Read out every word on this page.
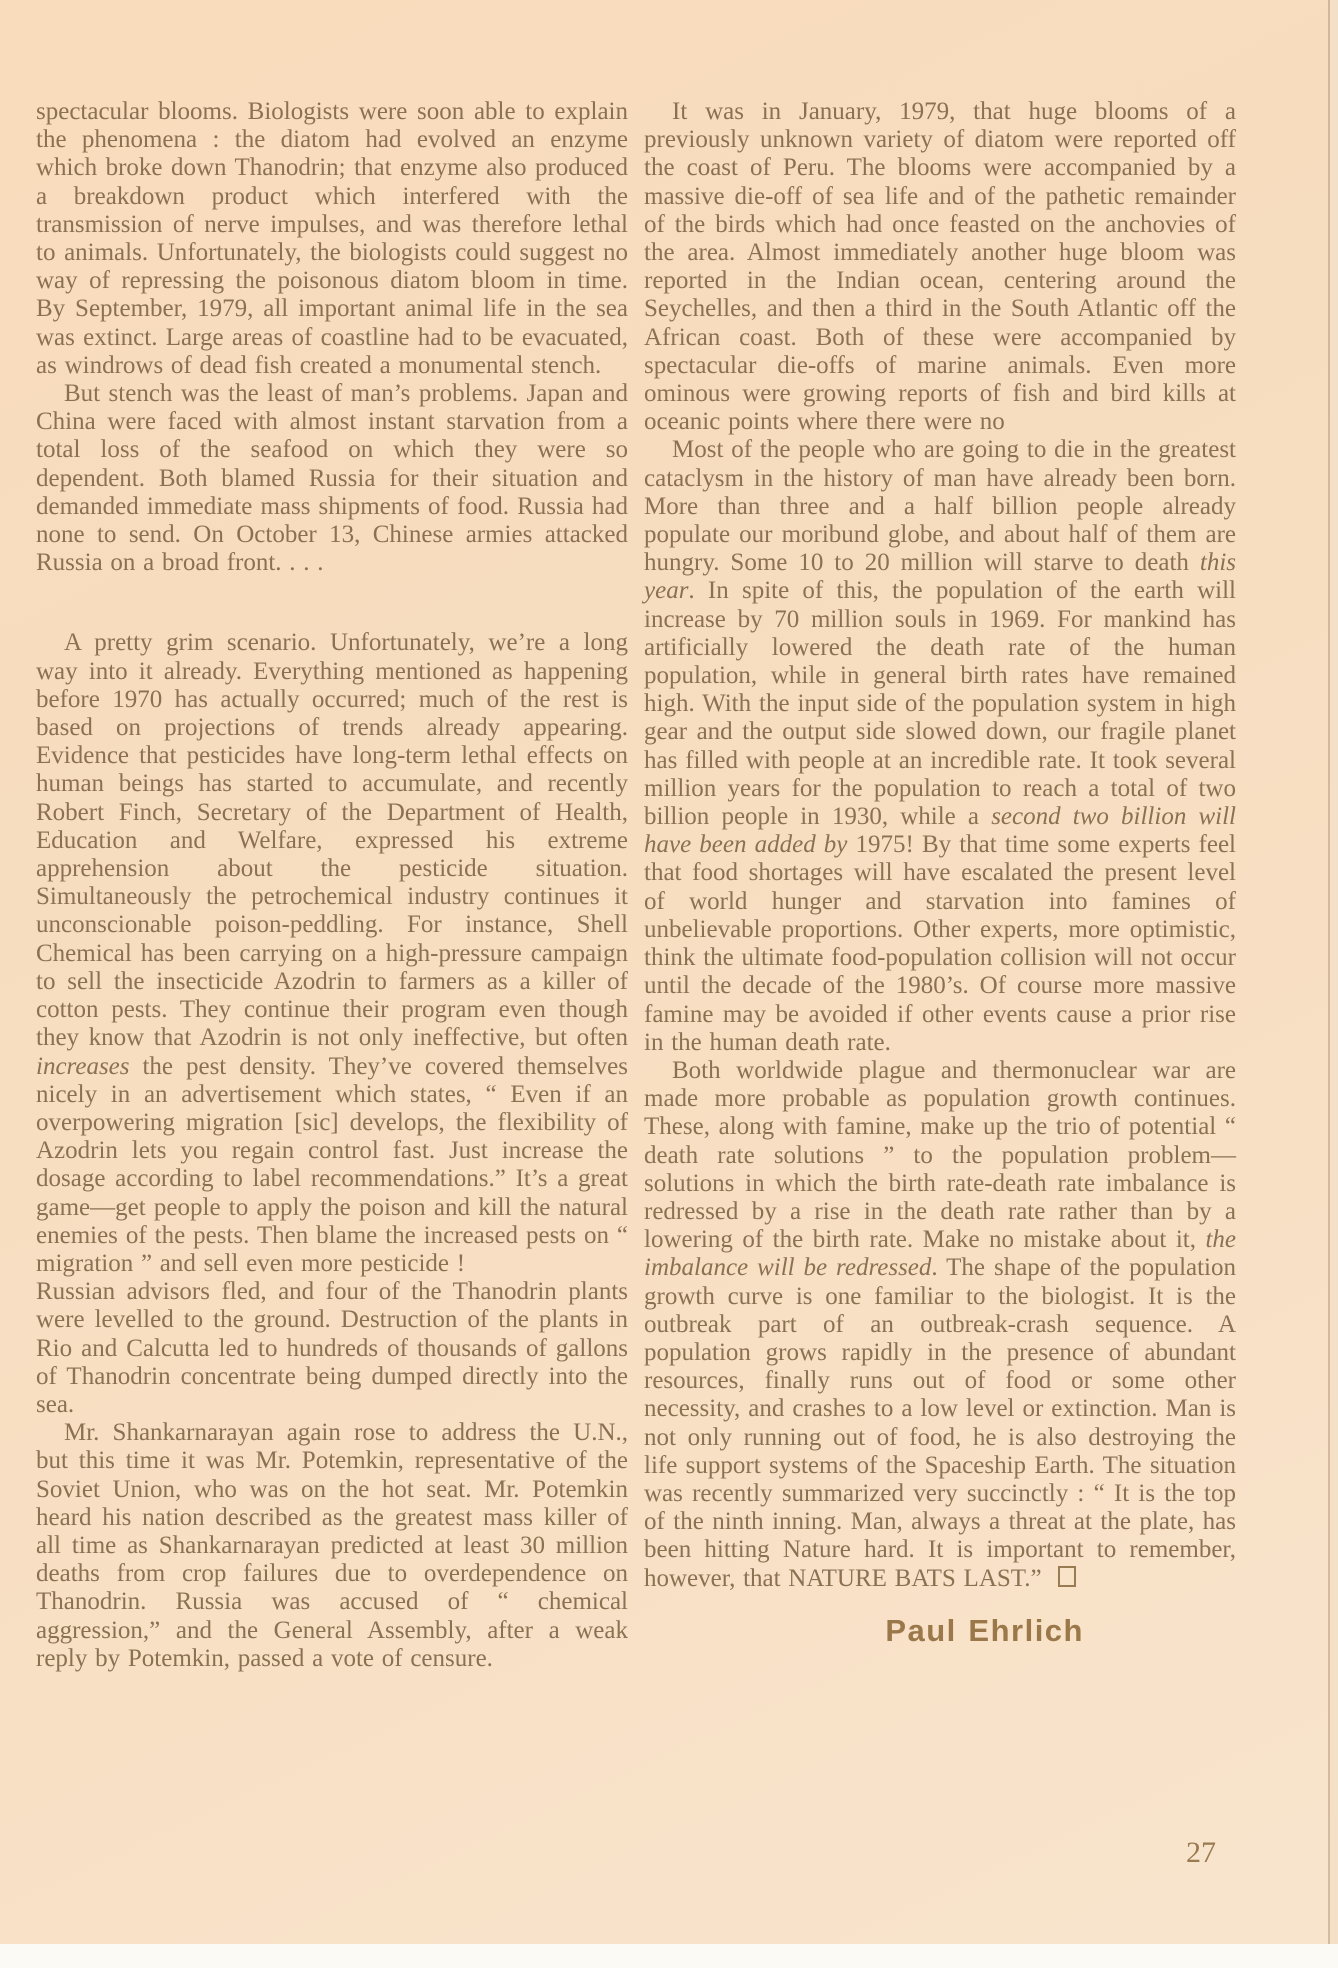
spectacular blooms. Biologists were soon able to explain the phenomena : the diatom had evolved an enzyme which broke down Thanodrin; that enzyme also produced a breakdown product which interfered with the transmission of nerve impulses, and was therefore lethal to animals. Unfortunately, the biologists could suggest no way of repressing the poisonous diatom bloom in time. By September, 1979, all important animal life in the sea was extinct. Large areas of coastline had to be evacuated, as windrows of dead fish created a monumental stench.

But stench was the least of man’s problems. Japan and China were faced with almost instant starvation from a total loss of the seafood on which they were so dependent. Both blamed Russia for their situation and demanded immediate mass shipments of food. Russia had none to send. On October 13, Chinese armies attacked Russia on a broad front. . . .

A pretty grim scenario. Unfortunately, we’re a long way into it already. Everything mentioned as happening before 1970 has actually occurred; much of the rest is based on projections of trends already appearing. Evidence that pesticides have long-term lethal effects on human beings has started to accumulate, and recently Robert Finch, Secretary of the Department of Health, Education and Welfare, expressed his extreme apprehension about the pesticide situation. Simultaneously the petrochemical industry continues it unconscionable poison-peddling. For instance, Shell Chemical has been carrying on a high-pressure campaign to sell the insecticide Azodrin to farmers as a killer of cotton pests. They continue their program even though they know that Azodrin is not only ineffective, but often increases the pest density. They’ve covered themselves nicely in an advertisement which states, “ Even if an overpowering migration [sic] develops, the flexibility of Azodrin lets you regain control fast. Just increase the dosage according to label recommendations.” It’s a great game—get people to apply the poison and kill the natural enemies of the pests. Then blame the increased pests on “ migration ” and sell even more pesticide !

Russian advisors fled, and four of the Thanodrin plants were levelled to the ground. Destruction of the plants in Rio and Calcutta led to hundreds of thousands of gallons of Thanodrin concentrate being dumped directly into the sea.

Mr. Shankarnarayan again rose to address the U.N., but this time it was Mr. Potemkin, representative of the Soviet Union, who was on the hot seat. Mr. Potemkin heard his nation described as the greatest mass killer of all time as Shankarnarayan predicted at least 30 million deaths from crop failures due to overdependence on Thanodrin. Russia was accused of “ chemical aggression,” and the General Assembly, after a weak reply by Potemkin, passed a vote of censure.

It was in January, 1979, that huge blooms of a previously unknown variety of diatom were reported off the coast of Peru. The blooms were accompanied by a massive die-off of sea life and of the pathetic remainder of the birds which had once feasted on the anchovies of the area. Almost immediately another huge bloom was reported in the Indian ocean, centering around the Seychelles, and then a third in the South Atlantic off the African coast. Both of these were accompanied by spectacular die-offs of marine animals. Even more ominous were growing reports of fish and bird kills at oceanic points where there were no

Most of the people who are going to die in the greatest cataclysm in the history of man have already been born. More than three and a half billion people already populate our moribund globe, and about half of them are hungry. Some 10 to 20 million will starve to death this year. In spite of this, the population of the earth will increase by 70 million souls in 1969. For mankind has artificially lowered the death rate of the human population, while in general birth rates have remained high. With the input side of the population system in high gear and the output side slowed down, our fragile planet has filled with people at an incredible rate. It took several million years for the population to reach a total of two billion people in 1930, while a second two billion will have been added by 1975! By that time some experts feel that food shortages will have escalated the present level of world hunger and starvation into famines of unbelievable proportions. Other experts, more optimistic, think the ultimate food-population collision will not occur until the decade of the 1980’s. Of course more massive famine may be avoided if other events cause a prior rise in the human death rate.

Both worldwide plague and thermonuclear war are made more probable as population growth continues. These, along with famine, make up the trio of potential “ death rate solutions ” to the population problem—solutions in which the birth rate-death rate imbalance is redressed by a rise in the death rate rather than by a lowering of the birth rate. Make no mistake about it, the imbalance will be redressed. The shape of the population growth curve is one familiar to the biologist. It is the outbreak part of an outbreak-crash sequence. A population grows rapidly in the presence of abundant resources, finally runs out of food or some other necessity, and crashes to a low level or extinction. Man is not only running out of food, he is also destroying the life support systems of the Spaceship Earth. The situation was recently summarized very succinctly : “ It is the top of the ninth inning. Man, always a threat at the plate, has been hitting Nature hard. It is important to remember, however, that NATURE BATS LAST.”

Paul Ehrlich
27
